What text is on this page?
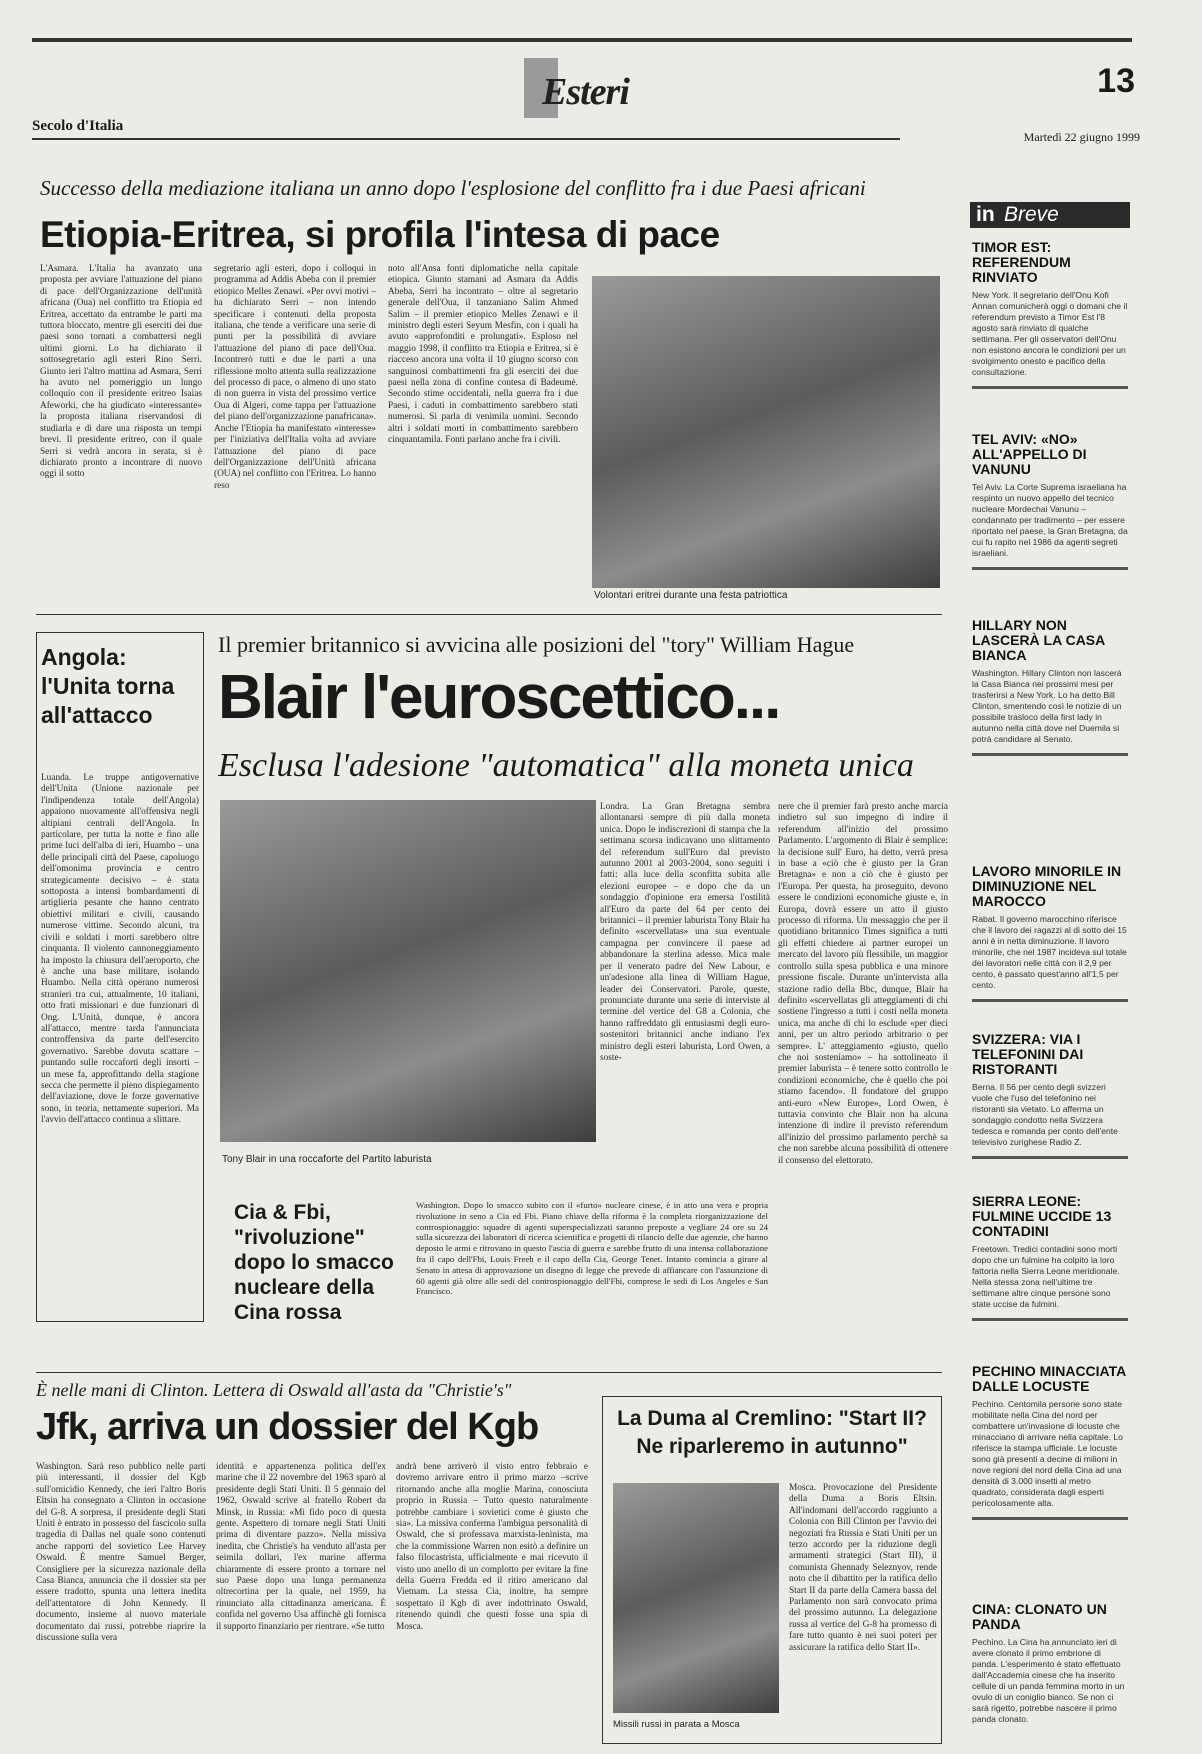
Esteri	13
Secolo d'Italia
Martedì 22 giugno 1999
Successo della mediazione italiana un anno dopo l'esplosione del conflitto fra i due Paesi africani
Etiopia-Eritrea, si profila l'intesa di pace
L'Asmara. L'Italia ha avanzato una proposta per avviare l'attuazione del piano di pace dell'Organizzazione dell'unità africana (Oua) nel conflitto tra Etiopia ed Eritrea, accettato da entrambe le parti ma tuttora bloccato, mentre gli eserciti dei due paesi sono tornati a combattersi negli ultimi giorni. Lo ha dichiarato il sottosegretario agli esteri Rino Serri. Giunto ieri l'altro mattina ad Asmara, Serri ha avuto nel pomeriggio un lungo colloquio con il presidente eritreo Isaias Afeworki, che ha giudicato «interessante» la proposta italiana riservandosi di studiarla e di dare una risposta un tempi brevi. Il presidente eritreo, con il quale Serri si vedrà ancora in serata, si è dichiarato pronto a incontrare di nuovo oggi il sotto
segretario agli esteri, dopo i colloqui in programma ad Addis Abeba con il premier etiopico Melles Zenawi. «Per ovvi motivi – ha dichiarato Serri – non intendo specificare i contenuti della proposta italiana, che tende a verificare una serie di punti per la possibilità di avviare l'attuazione del piano di pace dell'Oua. Incontrerò tutti e due le parti a una riflessione molto attenta sulla realizzazione del processo di pace, o almeno di uno stato di non guerra in vista del prossimo vertice Oua di Algeri, come tappa per l'attuazione del piano dell'organizzazione panafricana». Anche l'Etiopia ha manifestato «interesse» per l'iniziativa dell'Italia volta ad avviare l'attuazione del piano di pace dell'Organizzazione dell'Unità africana (OUA) nel conflitto con l'Eritrea. Lo hanno reso
noto all'Ansa fonti diplomatiche nella capitale etiopica. Giunto stamani ad Asmara da Addis Abeba, Serri ha incontrato – oltre al segretario generale dell'Oua, il tanzaniano Salim Ahmed Salim – il premier etiopico Melles Zenawi e il ministro degli esteri Seyum Mesfin, con i quali ha avuto «approfonditi e prolungati». Esploso nel maggio 1998, il conflitto tra Etiopia e Eritrea, si è riacceso ancora una volta il 10 giugno scorso con sanguinosi combattimenti fra gli eserciti dei due paesi nella zona di confine contesa di Badeumè. Secondo stime occidentali, nella guerra fra i due Paesi, i caduti in combattimento sarebbero stati numerosi. Si parla di venimila uomini. Secondo altri i soldati morti in combattimento sarebbero cinquantamila. Fonti parlano anche fra i civili.
Volontari eritrei durante una festa patriottica
Angola: l'Unita torna all'attacco
Luanda. Le truppe antigovernative dell'Unita (Unione nazionale per l'indipendenza totale dell'Angola) appaiono nuovamente all'offensiva negli altipiani centrali dell'Angola. In particolare, per tutta la notte e fino alle prime luci dell'alba di ieri, Huambo – una delle principali città del Paese, capoluogo dell'omonima provincia e centro strategicamente decisivo – è stata sottoposta a intensi bombardamenti di artiglieria pesante che hanno centrato obiettivi militari e civili, causando numerose vittime. Secondo alcuni, tra civili e soldati i morti sarebbero oltre cinquanta. Il violento cannoneggiamento ha imposto la chiusura dell'aeroporto, che è anche una base militare, isolando Huambo. Nella città operano numerosi stranieri tra cui, attualmente, 10 italiani, otto frati missionari e due funzionari di Ong. L'Unità, dunque, è ancora all'attacco, mentre tarda l'annunciata controffensiva da parte dell'esercito governativo. Sarebbe dovuta scattare – puntando sulle roccaforti degli insorti – un mese fa, approfittando della stagione secca che permette il pieno dispiegamento dell'aviazione, dove le forze governative sono, in teoria, nettamente superiori. Ma l'avvio dell'attacco continua a slittare.
Il premier britannico si avvicina alle posizioni del "tory" William Hague
Blair l'euroscettico...
Esclusa l'adesione "automatica" alla moneta unica
Tony Blair in una roccaforte del Partito laburista
Londra. La Gran Bretagna sembra allontanarsi sempre di più dalla moneta unica. Dopo le indiscrezioni di stampa che la settimana scorsa indicavano uno slittamento del referendum sull'Euro dal previsto autunno 2001 al 2003-2004, sono seguiti i fatti: alla luce della sconfitta subita alle elezioni europee – e dopo che da un sondaggio d'opinione era emersa l'ostilità all'Euro da parte del 64 per cento dei britannici – il premier laburista Tony Blair ha definito «scervellatas» una sua eventuale campagna per convincere il paese ad abbandonare la sterlina adesso. Mica male per il venerato padre del New Labour, e un'adesione alla linea di William Hague, leader dei Conservatori. Parole, queste, pronunciate durante una serie di interviste al termine del vertice del G8 a Colonia, che hanno raffreddato gli entusiasmi degli euro-sostenitori britannici anche indiano l'ex ministro degli esteri laburista, Lord Owen, a soste-
nere che il premier farà presto anche marcia indietro sul suo impegno di indire il referendum all'inizio del prossimo Parlamento. L'argomento di Blair è semplice: la decisione sull' Euro, ha detto, verrà presa in base a «ciò che è giusto per la Gran Bretagna» e non a ciò che è giusto per l'Europa. Per questa, ha proseguito, devono essere le condizioni economiche giuste e, in Europa, dovrà essere un atto il giusto processo di riforma. Un messaggio che per il quotidiano britannico Times significa a tutti gli effetti chiedere ai partner europei un mercato del lavoro più flessibile, un maggior controllo sulla spesa pubblica e una minore pressione fiscale. Durante un'intervista alla stazione radio della Bbc, dunque, Blair ha definito «scervellatas gli atteggiamenti di chi sostiene l'ingresso a tutti i costi nella moneta unica, ma anche di chi lo esclude «per dieci anni, per un altro periodo arbitrario o per sempre». L' atteggiamento «giusto, quello che noi sosteniamo» – ha sottolineato il premier laburista – è tenere sotto controllo le condizioni economiche, che è quello che poi stiamo facendo». Il fondatore del gruppo anti-euro «New Europe», Lord Owen, è tuttavia convinto che Blair non ha alcuna intenzione di indire il previsto referendum all'inizio del prossimo parlamento perchè sa che non sarebbe alcuna possibilità di ottenere il consenso del elettorato.
Cia & Fbi, "rivoluzione" dopo lo smacco nucleare della Cina rossa
Washington. Dopo lo smacco subito con il «furto» nucleare cinese, è in atto una vera e propria rivoluzione in seno a Cia ed Fbi. Piano chiave della riforma è la completa riorganizzazione del controspionaggio: squadre di agenti superspecializzati saranno preposte a vegliare 24 ore su 24 sulla sicurezza dei laboratori di ricerca scientifica e progetti di rilancio delle due agenzie, che hanno deposto le armi e ritrovano in questo l'ascia di guerra e sarebbe frutto di una intensa collaborazione fra il capo dell'Fbi, Louis Freeh e il capo della Cia, George Tenet. Intanto comincia a girare al Senato in attesa di approvazione un disegno di legge che prevede di affiancare con l'assunzione di 60 agenti già oltre alle sedi del controspionaggio dell'Fbi, comprese le sedi di Los Angeles e San Francisco.
È nelle mani di Clinton. Lettera di Oswald all'asta da "Christie's"
Jfk, arriva un dossier del Kgb
Washington. Sarà reso pubblico nelle parti più interessanti, il dossier del Kgb sull'omicidio Kennedy, che ieri l'altro Boris Eltsin ha consegnato a Clinton in occasione del G-8. A sorpresa, il presidente degli Stati Uniti è entrato in possesso del fascicolo sulla tragedia di Dallas nel quale sono contenuti anche rapporti del sovietico Lee Harvey Oswald. È mentre Samuel Berger, Consigliere per la sicurezza nazionale della Casa Bianca, annuncia che il dossier sta per essere tradotto, spunta una lettera inedita dell'attentatore di John Kennedy. Il documento, insieme al nuovo materiale documentato dai russi, potrebbe riaprire la discussione sulla vera
identità e appartenenza politica dell'ex marine che il 22 novembre del 1963 sparò al presidente degli Stati Uniti. Il 5 gennaio del 1962, Oswald scrive al fratello Robert da Minsk, in Russia: «Mi fido poco di questa gente. Aspettero di tornare negli Stati Uniti prima di diventare pazzo». Nella missiva inedita, che Christie's ha venduto all'asta per seimila dollari, l'ex marine afferma chiaramente di essere pronto a tornare nel suo Paese dopo una lunga permanenza oltrecortina per la quale, nel 1959, ha rinunciato alla cittadinanza americana. È confida nel governo Usa affinchè gli fornisca il supporto finanziario per rientrare. «Se tutto
andrà bene arriverò il visto entro febbraio e dovremo arrivare entro il primo marzo –scrive ritornando anche alla moglie Marina, conosciuta proprio in Russia – Tutto questo naturalmente potrebbe cambiare i sovietici come è giusto che sia». La missiva conferma l'ambigua personalità di Oswald, che si professava marxista-leninista, ma che la commissione Warren non esitò a definire un falso filocastrista, ufficialmente e mai ricevuto il visto uno anello di un complotto per evitare la fine della Guerra Fredda ed il ritiro americano dal Vietnam. La stessa Cia, inoltre, ha sempre sospettato il Kgb di aver indottrinato Oswald, ritenendo quindi che questi fosse una spia di Mosca.
La Duma al Cremlino: "Start II? Ne riparleremo in autunno"
Missili russi in parata a Mosca
Mosca. Provocazione del Presidente della Duma a Boris Eltsin. All'indomani dell'accordo raggiunto a Colonia con Bill Clinton per l'avvio dei negoziati fra Russia e Stati Uniti per un terzo accordo per la riduzione degli armamenti strategici (Start III), il comunista Ghennady Seleznyov, rende noto che il dibattito per la ratifica dello Start II da parte della Camera bassa del Parlamento non sarà convocato prima del prossimo autunno. La delegazione russa al vertice del G-8 ha promesso di fare tutto quanto è nei suoi poteri per assicurare la ratifica dello Start II».
in Breve
TIMOR EST: REFERENDUM RINVIATO
New York. Il segretario dell'Onu Kofi Annan comunicherà oggi o domani che il referendum previsto a Timor Est l'8 agosto sarà rinviato di qualche settimana. Per gli osservatori dell'Onu non esistono ancora le condizioni per un svolgimento onesto e pacifico della consultazione.
TEL AVIV: «NO» ALL'APPELLO DI VANUNU
Tel Aviv. La Corte Suprema israeliana ha respinto un nuovo appello del tecnico nucleare Mordechai Vanunu – condannato per tradimento – per essere riportato nel paese, la Gran Bretagna, da cui fu rapito nel 1986 da agenti segreti israeliani.
HILLARY NON LASCERÀ LA CASA BIANCA
Washington. Hillary Clinton non lascerà la Casa Bianca nei prossimi mesi per trasferirsi a New York. Lo ha detto Bill Clinton, smentendo così le notizie di un possibile trasloco della first lady in autunno nella città dove nel Duemila si potrà candidare al Senato.
LAVORO MINORILE IN DIMINUZIONE NEL MAROCCO
Rabat. Il governo marocchino riferisce che il lavoro dei ragazzi al di sotto dei 15 anni è in netta diminuzione. Il lavoro minorile, che nel 1987 incideva sul totale dei lavoratori nelle città con il 2,9 per cento, è passato quest'anno all'1,5 per cento.
SVIZZERA: VIA I TELEFONINI DAI RISTORANTI
Berna. Il 56 per cento degli svizzeri vuole che l'uso del telefonino nei ristoranti sia vietato. Lo afferma un sondaggio condotto nella Svizzera tedesca e romanda per conto dell'ente televisivo zurighese Radio Z.
SIERRA LEONE: FULMINE UCCIDE 13 CONTADINI
Freetown. Tredici contadini sono morti dopo che un fulmine ha colpito la loro fattoria nella Sierra Leone meridionale. Nella stessa zona nell'ultime tre settimane altre cinque persone sono state uccise da fulmini.
PECHINO MINACCIATA DALLE LOCUSTE
Pechino. Centomila persone sono state mobilitate nella Cina del nord per combattere un'invasione di locuste che minacciano di arrivare nella capitale. Lo riferisce la stampa ufficiale. Le locuste sono già presenti a decine di milioni in nove regioni del nord della Cina ad una densità di 3.000 insetti al metro quadrato, considerata dagli esperti pericolosamente alta.
CINA: CLONATO UN PANDA
Pechino. La Cina ha annunciato ieri di avere clonato il primo embrione di panda. L'esperimento è stato effettuato dall'Accademia cinese che ha inserito cellule di un panda femmina morto in un ovulo di un coniglio bianco. Se non ci sarà rigetto, potrebbe nascere il primo panda clonato.
